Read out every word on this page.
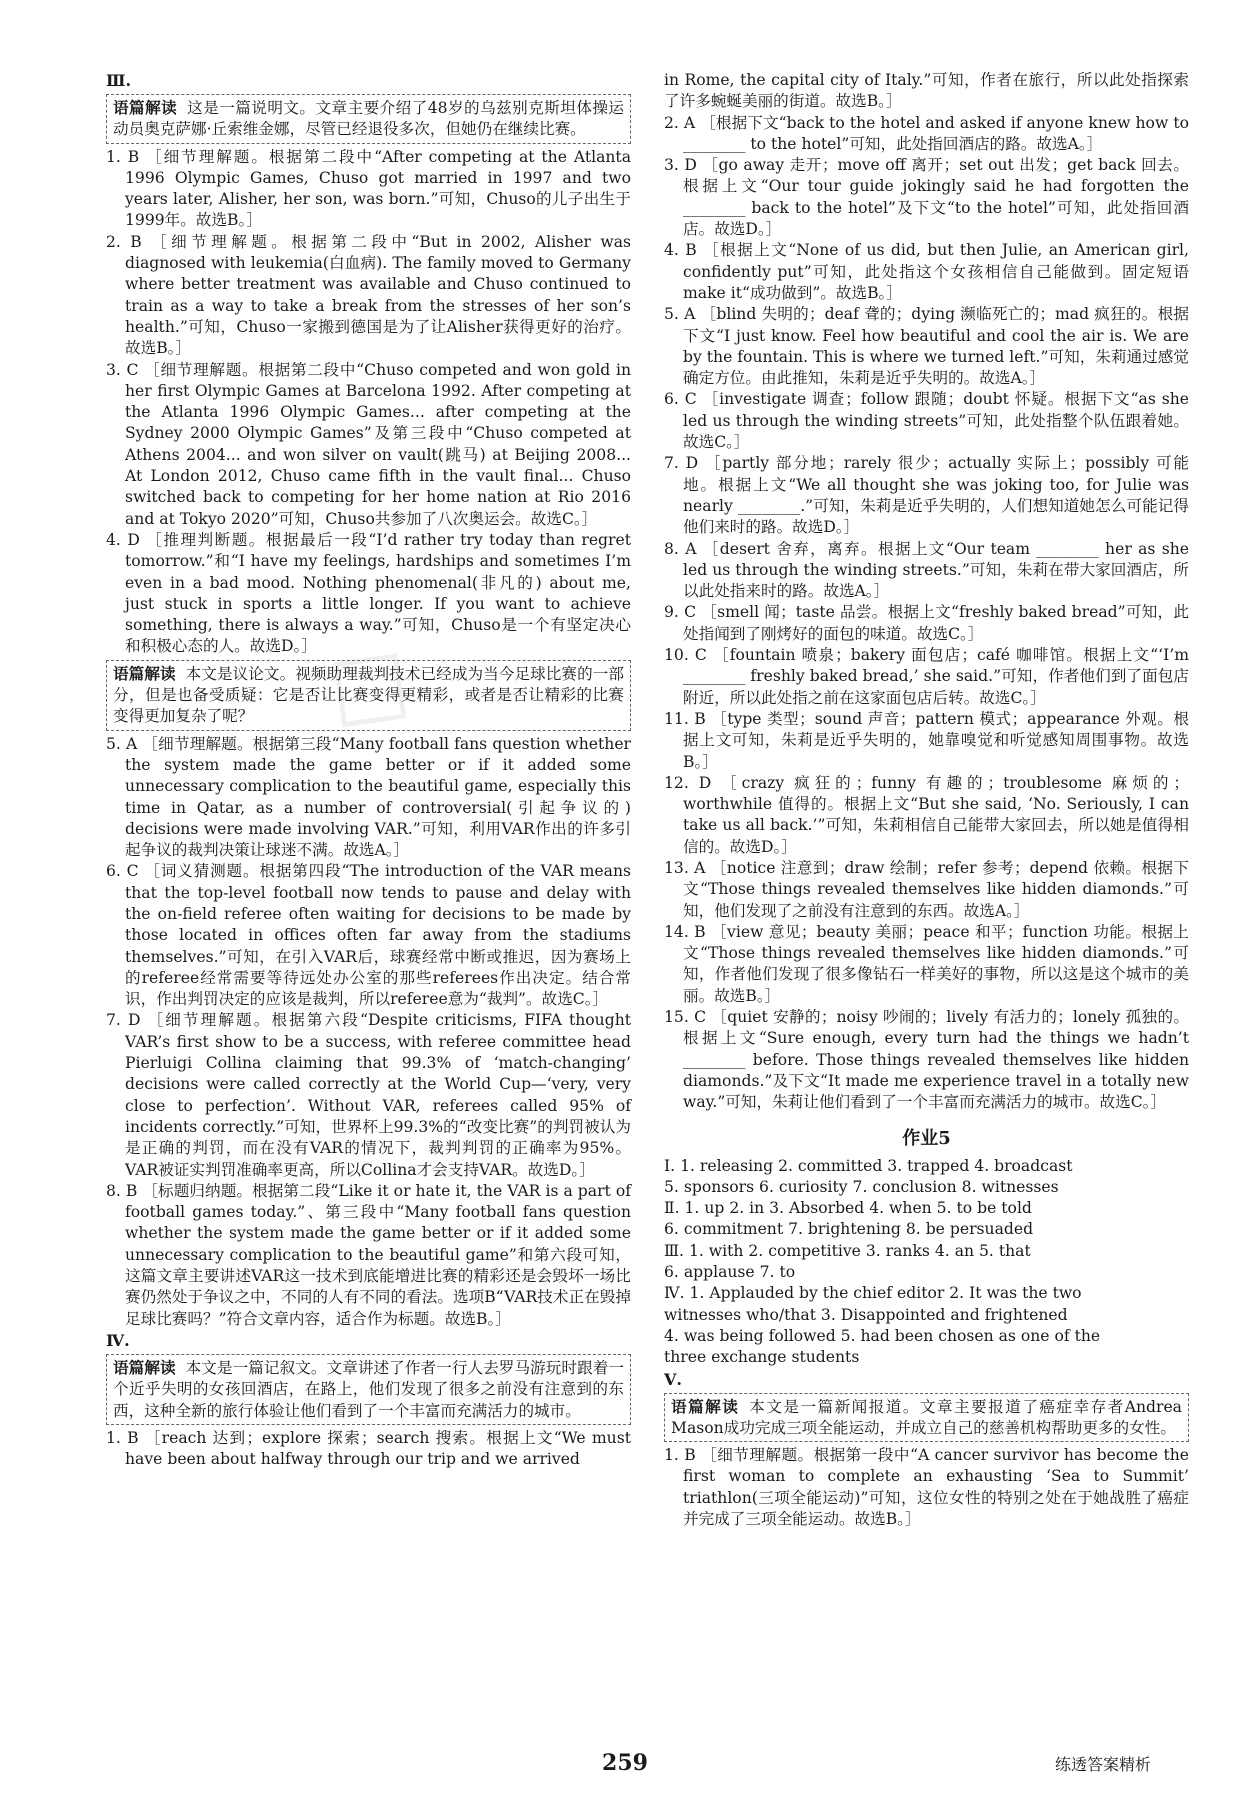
Ⅲ.

语篇解读 这是一篇说明文。文章主要介绍了48岁的乌兹别克斯坦体操运动员奥克萨娜·丘索维金娜，尽管已经退役多次，但她仍在继续比赛。

1. B ［细节理解题。根据第二段中“After competing at the Atlanta 1996 Olympic Games, Chuso got married in 1997 and two years later, Alisher, her son, was born.”可知，Chuso的儿子出生于1999年。故选B。］

2. B ［细节理解题。根据第二段中“But in 2002, Alisher was diagnosed with leukemia(白血病). The family moved to Germany where better treatment was available and Chuso continued to train as a way to take a break from the stresses of her son’s health.”可知，Chuso一家搬到德国是为了让Alisher获得更好的治疗。故选B。］

3. C ［细节理解题。根据第二段中“Chuso competed and won gold in her first Olympic Games at Barcelona 1992. After competing at the Atlanta 1996 Olympic Games... after competing at the Sydney 2000 Olympic Games”及第三段中“Chuso competed at Athens 2004... and won silver on vault(跳马) at Beijing 2008... At London 2012, Chuso came fifth in the vault final... Chuso switched back to competing for her home nation at Rio 2016 and at Tokyo 2020”可知，Chuso共参加了八次奥运会。故选C。］

4. D ［推理判断题。根据最后一段“I’d rather try today than regret tomorrow.”和“I have my feelings, hardships and sometimes I’m even in a bad mood. Nothing phenomenal(非凡的) about me, just stuck in sports a little longer. If you want to achieve something, there is always a way.”可知，Chuso是一个有坚定决心和积极心态的人。故选D。］

语篇解读 本文是议论文。视频助理裁判技术已经成为当今足球比赛的一部分，但是也备受质疑：它是否让比赛变得更精彩，或者是否让精彩的比赛变得更加复杂了呢？

5. A ［细节理解题。根据第三段“Many football fans question whether the system made the game better or if it added some unnecessary complication to the beautiful game, especially this time in Qatar, as a number of controversial(引起争议的) decisions were made involving VAR.”可知，利用VAR作出的许多引起争议的裁判决策让球迷不满。故选A。］

6. C ［词义猜测题。根据第四段“The introduction of the VAR means that the top-level football now tends to pause and delay with the on-field referee often waiting for decisions to be made by those located in offices often far away from the stadiums themselves.”可知，在引入VAR后，球赛经常中断或推迟，因为赛场上的referee经常需要等待远处办公室的那些referees作出决定。结合常识，作出判罚决定的应该是裁判，所以referee意为“裁判”。故选C。］

7. D ［细节理解题。根据第六段“Despite criticisms, FIFA thought VAR’s first show to be a success, with referee committee head Pierluigi Collina claiming that 99.3% of ‘match-changing’ decisions were called correctly at the World Cup—‘very, very close to perfection’. Without VAR, referees called 95% of incidents correctly.”可知，世界杯上99.3%的“改变比赛”的判罚被认为是正确的判罚，而在没有VAR的情况下，裁判判罚的正确率为95%。VAR被证实判罚准确率更高，所以Collina才会支持VAR。故选D。］

8. B ［标题归纳题。根据第二段“Like it or hate it, the VAR is a part of football games today.”、第三段中“Many football fans question whether the system made the game better or if it added some unnecessary complication to the beautiful game”和第六段可知，这篇文章主要讲述VAR这一技术到底能增进比赛的精彩还是会毁坏一场比赛仍然处于争议之中，不同的人有不同的看法。选项B“VAR技术正在毁掉足球比赛吗？”符合文章内容，适合作为标题。故选B。］

Ⅳ.

语篇解读 本文是一篇记叙文。文章讲述了作者一行人去罗马游玩时跟着一个近乎失明的女孩回酒店，在路上，他们发现了很多之前没有注意到的东西，这种全新的旅行体验让他们看到了一个丰富而充满活力的城市。

1. B ［reach 达到；explore 探索；search 搜索。根据上文“We must have been about halfway through our trip and we arrived

in Rome, the capital city of Italy.”可知，作者在旅行，所以此处指探索了许多蜿蜒美丽的街道。故选B。］

2. A ［根据下文“back to the hotel and asked if anyone knew how to ________ to the hotel”可知，此处指回酒店的路。故选A。］

3. D ［go away 走开；move off 离开；set out 出发；get back 回去。根据上文“Our tour guide jokingly said he had forgotten the ________ back to the hotel”及下文“to the hotel”可知，此处指回酒店。故选D。］

4. B ［根据上文“None of us did, but then Julie, an American girl, confidently put”可知，此处指这个女孩相信自己能做到。固定短语make it“成功做到”。故选B。］

5. A ［blind 失明的；deaf 聋的；dying 濒临死亡的；mad 疯狂的。根据下文“I just know. Feel how beautiful and cool the air is. We are by the fountain. This is where we turned left.”可知，朱莉通过感觉确定方位。由此推知，朱莉是近乎失明的。故选A。］

6. C ［investigate 调查；follow 跟随；doubt 怀疑。根据下文“as she led us through the winding streets”可知，此处指整个队伍跟着她。故选C。］

7. D ［partly 部分地；rarely 很少；actually 实际上；possibly 可能地。根据上文“We all thought she was joking too, for Julie was nearly ________.”可知，朱莉是近乎失明的，人们想知道她怎么可能记得他们来时的路。故选D。］

8. A ［desert 舍弃，离弃。根据上文“Our team ________ her as she led us through the winding streets.”可知，朱莉在带大家回酒店，所以此处指来时的路。故选A。］

9. C ［smell 闻；taste 品尝。根据上文“freshly baked bread”可知，此处指闻到了刚烤好的面包的味道。故选C。］

10. C ［fountain 喷泉；bakery 面包店；café 咖啡馆。根据上文“‘I’m ________ freshly baked bread,’ she said.”可知，作者他们到了面包店附近，所以此处指之前在这家面包店后转。故选C。］

11. B ［type 类型；sound 声音；pattern 模式；appearance 外观。根据上文可知，朱莉是近乎失明的，她靠嗅觉和听觉感知周围事物。故选B。］

12. D ［crazy 疯狂的；funny 有趣的；troublesome 麻烦的；worthwhile 值得的。根据上文“But she said, ‘No. Seriously, I can take us all back.’”可知，朱莉相信自己能带大家回去，所以她是值得相信的。故选D。］

13. A ［notice 注意到；draw 绘制；refer 参考；depend 依赖。根据下文“Those things revealed themselves like hidden diamonds.”可知，他们发现了之前没有注意到的东西。故选A。］

14. B ［view 意见；beauty 美丽；peace 和平；function 功能。根据上文“Those things revealed themselves like hidden diamonds.”可知，作者他们发现了很多像钻石一样美好的事物，所以这是这个城市的美丽。故选B。］

15. C ［quiet 安静的；noisy 吵闹的；lively 有活力的；lonely 孤独的。根据上文“Sure enough, every turn had the things we hadn’t ________ before. Those things revealed themselves like hidden diamonds.”及下文“It made me experience travel in a totally new way.”可知，朱莉让他们看到了一个丰富而充满活力的城市。故选C。］

作业5

Ⅰ. 1. releasing 2. committed 3. trapped 4. broadcast

5. sponsors 6. curiosity 7. conclusion 8. witnesses

Ⅱ. 1. up 2. in 3. Absorbed 4. when 5. to be told

6. commitment 7. brightening 8. be persuaded

Ⅲ. 1. with 2. competitive 3. ranks 4. an 5. that

6. applause 7. to

Ⅳ. 1. Applauded by the chief editor 2. It was the two

witnesses who/that 3. Disappointed and frightened

4. was being followed 5. had been chosen as one of the

three exchange students

Ⅴ.

语篇解读 本文是一篇新闻报道。文章主要报道了癌症幸存者Andrea Mason成功完成三项全能运动，并成立自己的慈善机构帮助更多的女性。

1. B ［细节理解题。根据第一段中“A cancer survivor has become the first woman to complete an exhausting ‘Sea to Summit’ triathlon(三项全能运动)”可知，这位女性的特别之处在于她战胜了癌症并完成了三项全能运动。故选B。］

☐
259	练透答案精析
